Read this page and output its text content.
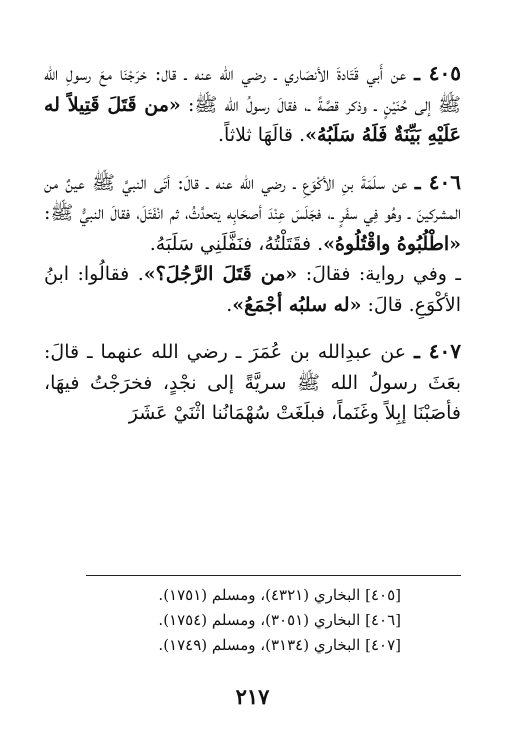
٤٠٥ ـ عن أَبي قَتَادةَ الأنصَاري ـ رضي الله عنه ـ قال: خرَجْنَا معَ رسولِ الله ﷺ إلى حُنَيْنٍ ـ وذكر قصَّةً ـ، فقالَ رسولُ الله ﷺ: «من قَتَلَ قَتِيلاً له عَلَيْهِ بَيِّنَةٌ فَلَهُ سَلَبُهُ». قالَهَا ثلاثاً.

٤٠٦ ـ عن سلَمَةَ بنِ الأكْوَعِ ـ رضي الله عنه ـ قالَ: أتَى النبيَّ ﷺ عينٌ من المشركينَ ـ وهُو فِي سفَرٍ ـ، فجَلَسَ عِنْدَ أصحَابِه يتحدَّثُ، ثم انْفَتَلَ، فقالَ النبيُّ ﷺ: «اطْلُبُوهُ واقْتُلُوهُ». فقَتَلْتُهُ، فنَفَّلَنِي سَلَبَهُ.

ـ وفي رواية: فقالَ: «من قَتَلَ الرَّجُلَ؟». فقالُوا: ابنُ الأكْوَعِ. قالَ: «له سلبُه أجْمَعُ».

٤٠٧ ـ عن عبدِالله بن عُمَرَ ـ رضي الله عنهما ـ قالَ: بعَثَ رسولُ الله ﷺ سريَّةً إلى نجْدٍ، فخرَجْتُ فيهَا، فأصَبْنَا إبِلاً وغَنَماً، فبلَغَتْ سُهْمَانُنا اثْنَيْ عَشَرَ

[٤٠٥] البخاري (٤٣٢١)، ومسلم (١٧٥١).
[٤٠٦] البخاري (٣٠٥١)، ومسلم (١٧٥٤).
[٤٠٧] البخاري (٣١٣٤)، ومسلم (١٧٤٩).
٢١٧
